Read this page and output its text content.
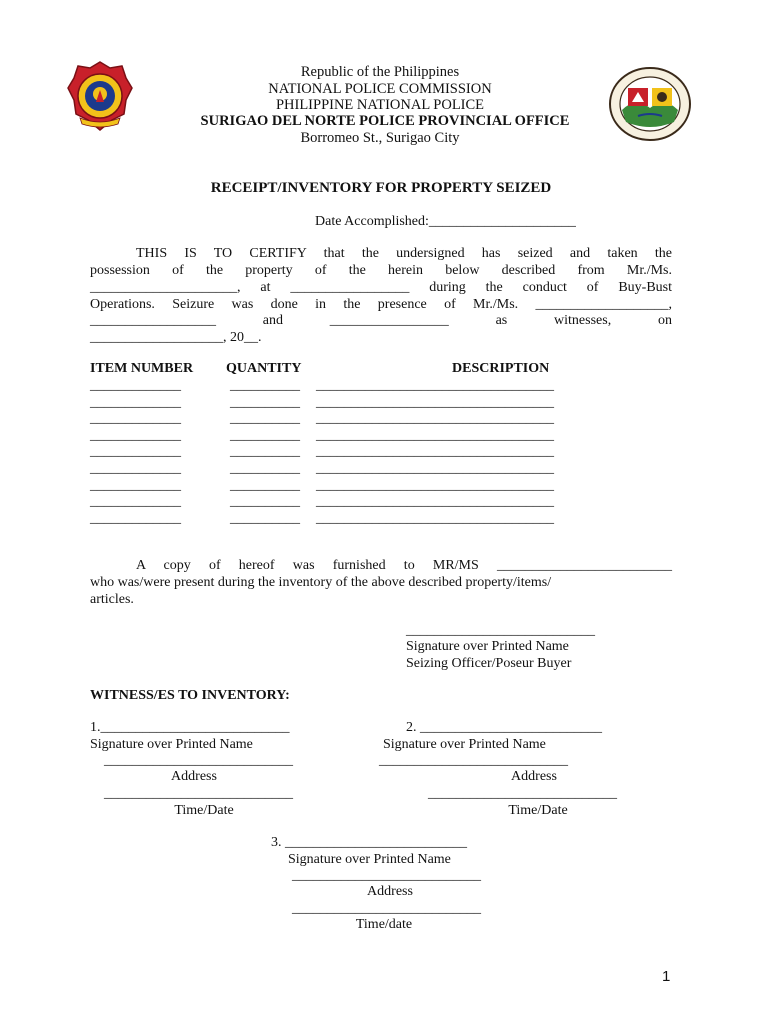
Republic of the Philippines
NATIONAL POLICE COMMISSION
PHILIPPINE NATIONAL POLICE
SURIGAO DEL NORTE POLICE PROVINCIAL OFFICE
Borromeo St., Surigao City
RECEIPT/INVENTORY FOR PROPERTY SEIZED
Date Accomplished:_____________________
THIS IS TO CERTIFY that the undersigned has seized and taken the
possession of the property of the herein below described from Mr./Ms.
_____________________, at _________________ during the conduct of Buy-Bust
Operations. Seizure was done in the presence of Mr./Ms. ___________________,
__________________ and _________________ as witnesses, on
___________________, 20__.
ITEM NUMBER QUANTITY	DESCRIPTION
_____________	__________ __________________________________
_____________	__________ __________________________________
_____________	__________ __________________________________
_____________	__________ __________________________________
_____________	__________ __________________________________
_____________	__________ __________________________________
_____________	__________ __________________________________
_____________	__________ __________________________________
_____________	__________ __________________________________
A copy of hereof was furnished to MR/MS _________________________
who was/were present during the inventory of the above described property/items/
articles.
___________________________
Signature over Printed Name
Seizing Officer/Poseur Buyer
WITNESS/ES TO INVENTORY:
1.___________________________
Signature over Printed Name
___________________________
Address
___________________________
Time/Date
2. __________________________
Signature over Printed Name
___________________________
Address
___________________________
Time/Date
3. __________________________
Signature over Printed Name
___________________________
Address
___________________________
Time/date
1
